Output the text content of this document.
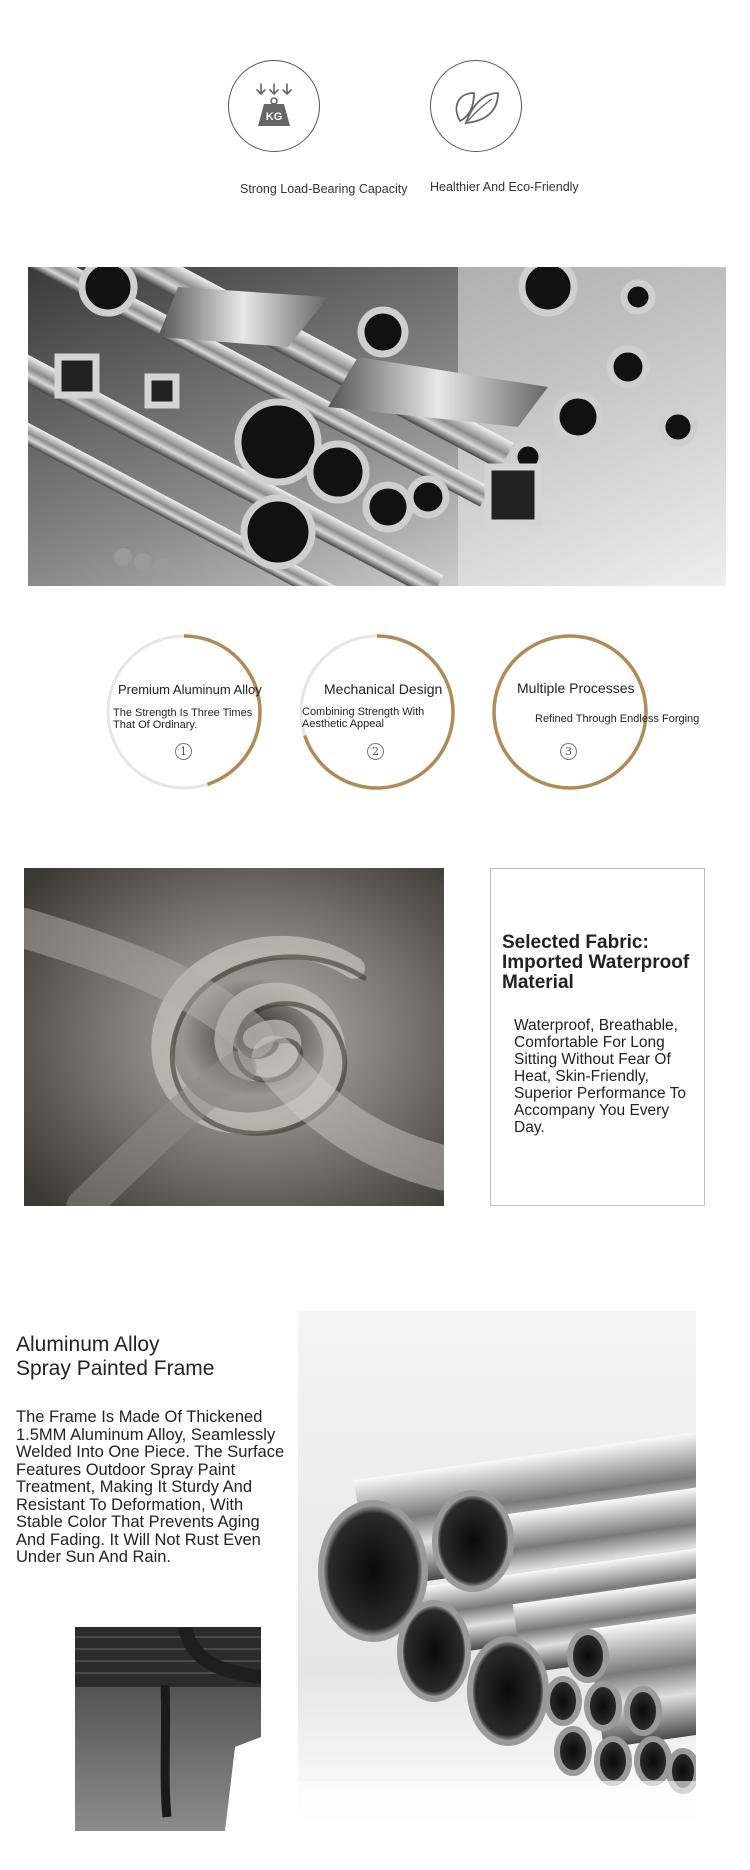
KG
Strong Load-Bearing Capacity Healthier And Eco-Friendly
Premium Aluminum Alloy
The Strength Is Three Times That Of Ordinary.
1
Mechanical Design
Combining Strength With Aesthetic Appeal
2
Multiple Processes
Refined Through Endless Forging
3
Selected Fabric: Imported Waterproof Material
Waterproof, Breathable, Comfortable For Long Sitting Without Fear Of Heat, Skin-Friendly, Superior Performance To Accompany You Every Day.
Aluminum Alloy
Spray Painted Frame
The Frame Is Made Of Thickened 1.5MM Aluminum Alloy, Seamlessly Welded Into One Piece. The Surface Features Outdoor Spray Paint Treatment, Making It Sturdy And Resistant To Deformation, With Stable Color That Prevents Aging And Fading. It Will Not Rust Even Under Sun And Rain.
